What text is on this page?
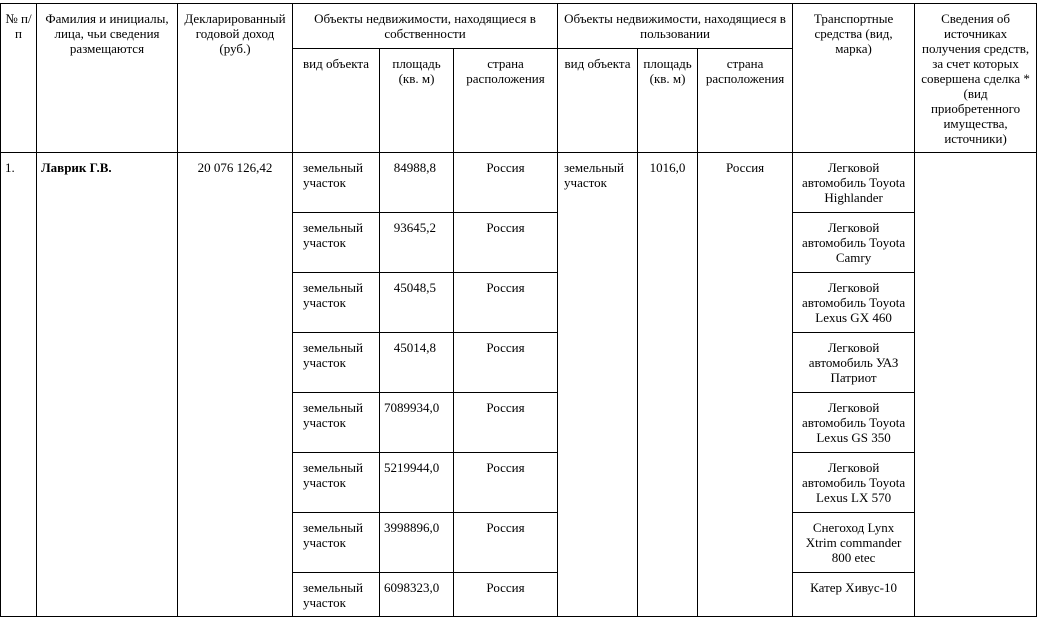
№ п/п	Фамилия и инициалы, лица, чьи сведения размещаются	Декларированный годовой доход (руб.)	Объекты недвижимости, находящиеся в собственности			Объекты недвижимости, находящиеся в пользовании			Транспортные средства (вид, марка)	Сведения об источниках получения средств, за счет которых совершена сделка * (вид приобретенного имущества, источники)
			вид объекта	площадь (кв. м)	страна расположения	вид объекта	площадь (кв. м)	страна расположения		
1.	Лаврик Г.В.	20 076 126,42	земельный участок	84988,8	Россия	земельный участок	1016,0	Россия	Легковой автомобиль Toyota Highlander	
			земельный участок	93645,2	Россия				Легковой автомобиль Toyota Camry	
			земельный участок	45048,5	Россия				Легковой автомобиль Toyota Lexus GX 460	
			земельный участок	45014,8	Россия				Легковой автомобиль УАЗ Патриот	
			земельный участок	7089934,0	Россия				Легковой автомобиль Toyota Lexus GS 350	
			земельный участок	5219944,0	Россия				Легковой автомобиль Toyota Lexus LX 570	
			земельный участок	3998896,0	Россия				Снегоход Lynx Xtrim commander 800 etec	
			земельный участок	6098323,0	Россия				Катер Хивус-10	
